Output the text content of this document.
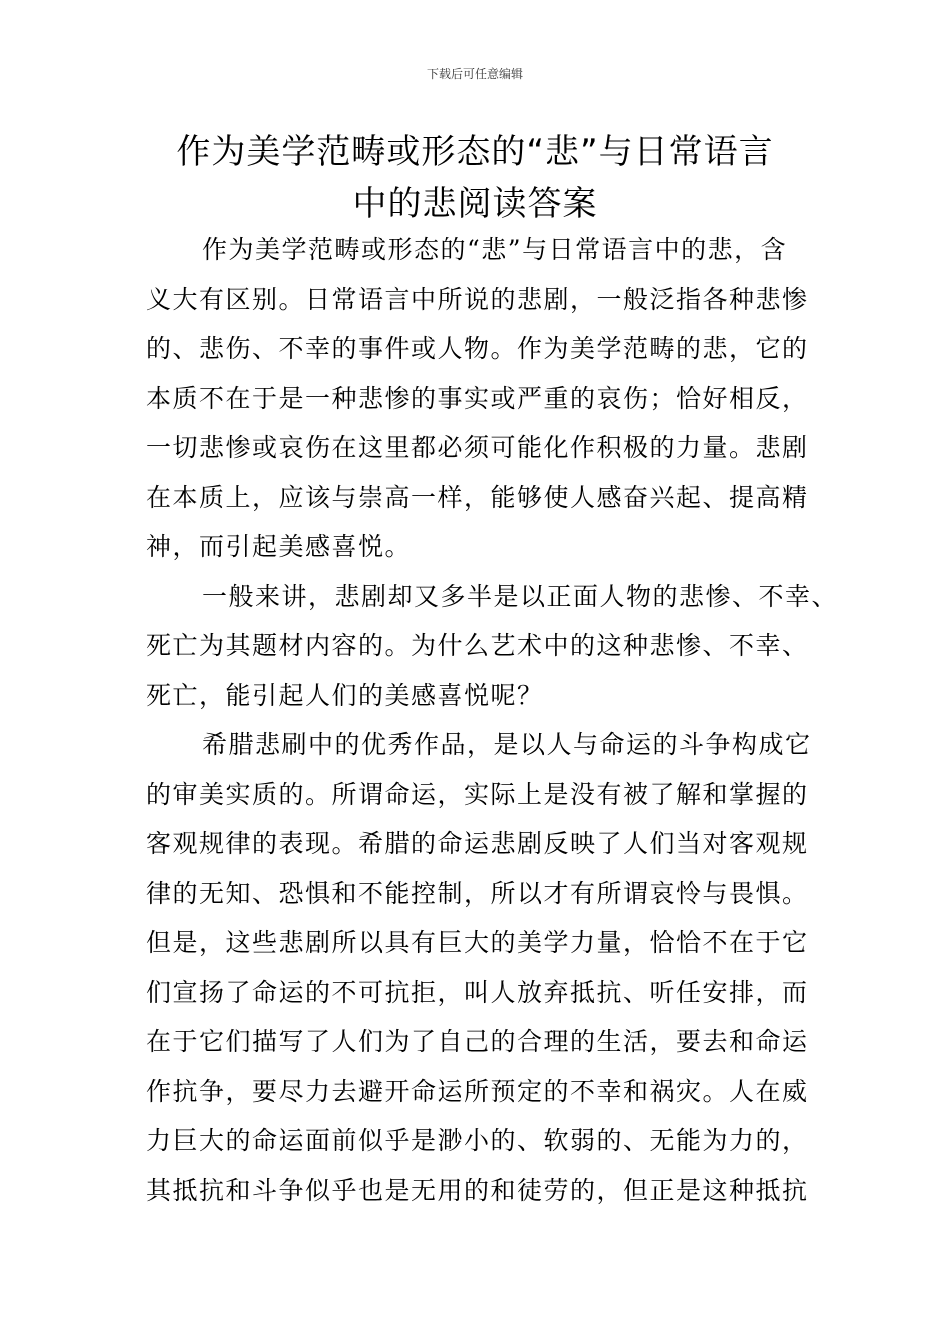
下载后可任意编辑
作为美学范畴或形态的“悲”与日常语言
中的悲阅读答案
作为美学范畴或形态的“悲”与日常语言中的悲，含
义大有区别。日常语言中所说的悲剧，一般泛指各种悲惨
的、悲伤、不幸的事件或人物。作为美学范畴的悲，它的
本质不在于是一种悲惨的事实或严重的哀伤；恰好相反，
一切悲惨或哀伤在这里都必须可能化作积极的力量。悲剧
在本质上，应该与崇高一样，能够使人感奋兴起、提高精
神，而引起美感喜悦。
一般来讲，悲剧却又多半是以正面人物的悲惨、不幸、
死亡为其题材内容的。为什么艺术中的这种悲惨、不幸、
死亡，能引起人们的美感喜悦呢？
希腊悲刷中的优秀作品，是以人与命运的斗争构成它
的审美实质的。所谓命运，实际上是没有被了解和掌握的
客观规律的表现。希腊的命运悲剧反映了人们当对客观规
律的无知、恐惧和不能控制，所以才有所谓哀怜与畏惧。
但是，这些悲剧所以具有巨大的美学力量，恰恰不在于它
们宣扬了命运的不可抗拒，叫人放弃抵抗、听任安排，而
在于它们描写了人们为了自己的合理的生活，要去和命运
作抗争，要尽力去避开命运所预定的不幸和祸灾。人在威
力巨大的命运面前似乎是渺小的、软弱的、无能为力的，
其抵抗和斗争似乎也是无用的和徒劳的，但正是这种抵抗
